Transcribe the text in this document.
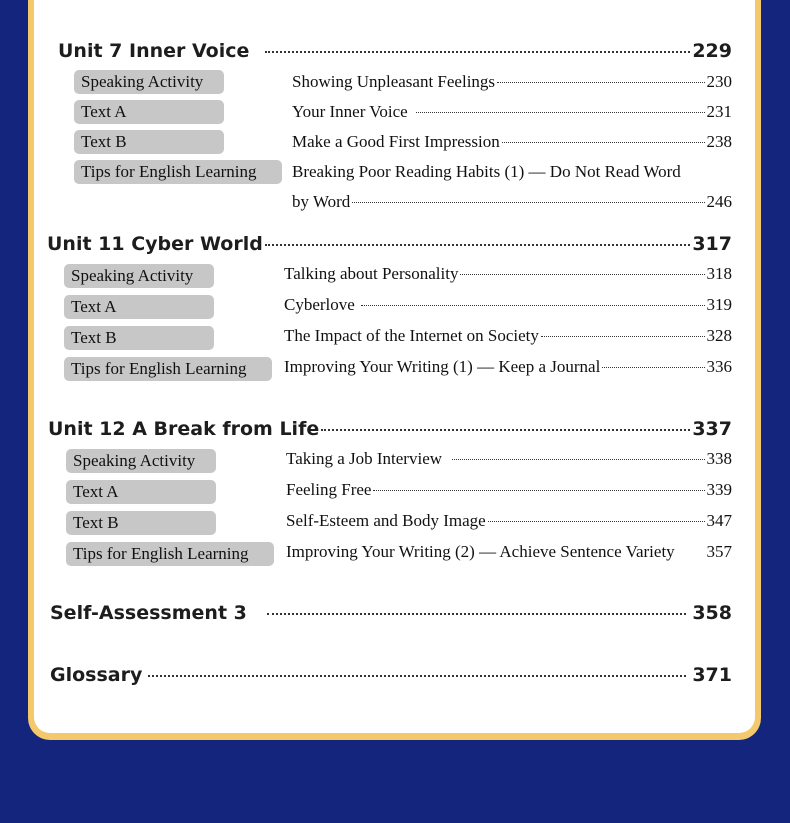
Unit 7 Inner Voice	229
Speaking Activity	Showing Unpleasant Feelings	230
Text A	Your Inner Voice	231
Text B	Make a Good First Impression	238
Tips for English Learning	Breaking Poor Reading Habits (1) — Do Not Read Word
by Word	246
Unit 11 Cyber World	317
Speaking Activity	Talking about Personality	318
Text A	Cyberlove	319
Text B	The Impact of the Internet on Society	328
Tips for English Learning	Improving Your Writing (1) — Keep a Journal	336
Unit 12 A Break from Life	337
Speaking Activity	Taking a Job Interview	338
Text A	Feeling Free	339
Text B	Self-Esteem and Body Image	347
Tips for English Learning	Improving Your Writing (2) — Achieve Sentence Variety 357
Self-Assessment 3	358
Glossary	371
